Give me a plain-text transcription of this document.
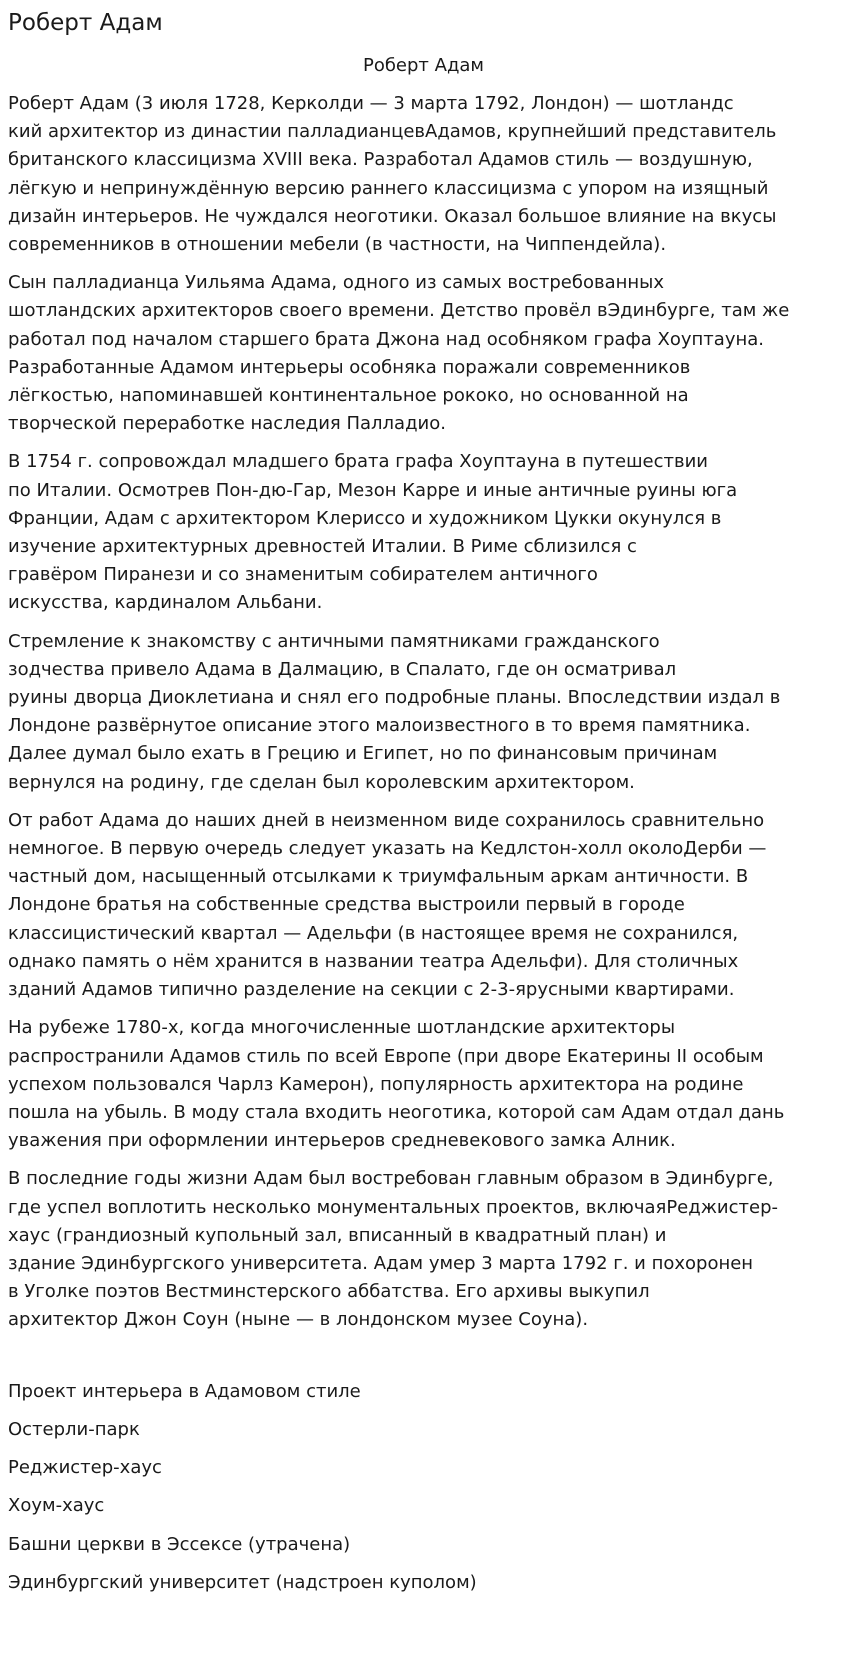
Роберт Адам
Роберт Адам

Роберт Адам (3 июля 1728, Керколди — 3 марта 1792, Лондон) — шотландс
кий архитектор из династии палладианцевАдамов, крупнейший представитель
британского классицизма XVIII века. Разработал Адамов стиль — воздушную,
лёгкую и непринуждённую версию раннего классицизма с упором на изящный
дизайн интерьеров. Не чуждался неоготики. Оказал большое влияние на вкусы
современников в отношении мебели (в частности, на Чиппендейла).

Сын палладианца Уильяма Адама, одного из самых востребованных
шотландских архитекторов своего времени. Детство провёл вЭдинбурге, там же
работал под началом старшего брата Джона над особняком графа Хоуптауна.
Разработанные Адамом интерьеры особняка поражали современников
лёгкостью, напоминавшей континентальное рококо, но основанной на
творческой переработке наследия Палладио.

В 1754 г. сопровождал младшего брата графа Хоуптауна в путешествии
по Италии. Осмотрев Пон-дю-Гар, Мезон Карре и иные античные руины юга
Франции, Адам с архитектором Клериссо и художником Цукки окунулся в
изучение архитектурных древностей Италии. В Риме сблизился с
гравёром Пиранези и со знаменитым собирателем античного
искусства, кардиналом Альбани.

Стремление к знакомству с античными памятниками гражданского
зодчества привело Адама в Далмацию, в Спалато, где он осматривал
руины дворца Диоклетиана и снял его подробные планы. Впоследствии издал в
Лондоне развёрнутое описание этого малоизвестного в то время памятника.
Далее думал было ехать в Грецию и Египет, но по финансовым причинам
вернулся на родину, где сделан был королевским архитектором.

От работ Адама до наших дней в неизменном виде сохранилось сравнительно
немногое. В первую очередь следует указать на Кедлстон-холл околоДерби —
частный дом, насыщенный отсылками к триумфальным аркам античности. В
Лондоне братья на собственные средства выстроили первый в городе
классицистический квартал — Адельфи (в настоящее время не сохранился,
однако память о нём хранится в названии театра Адельфи). Для столичных
зданий Адамов типично разделение на секции с 2-3-ярусными квартирами.

На рубеже 1780-х, когда многочисленные шотландские архитекторы
распространили Адамов стиль по всей Европе (при дворе Екатерины II особым
успехом пользовался Чарлз Камерон), популярность архитектора на родине
пошла на убыль. В моду стала входить неоготика, которой сам Адам отдал дань
уважения при оформлении интерьеров средневекового замка Алник.

В последние годы жизни Адам был востребован главным образом в Эдинбурге,
где успел воплотить несколько монументальных проектов, включаяРеджистер-
хаус (грандиозный купольный зал, вписанный в квадратный план) и
здание Эдинбургского университета. Адам умер 3 марта 1792 г. и похоронен
в Уголке поэтов Вестминстерского аббатства. Его архивы выкупил
архитектор Джон Соун (ныне — в лондонском музее Соуна).

Проект интерьера в Адамовом стиле
Остерли-парк
Реджистер-хаус
Хоум-хаус
Башни церкви в Эссексе (утрачена)
Эдинбургский университет (надстроен куполом)
